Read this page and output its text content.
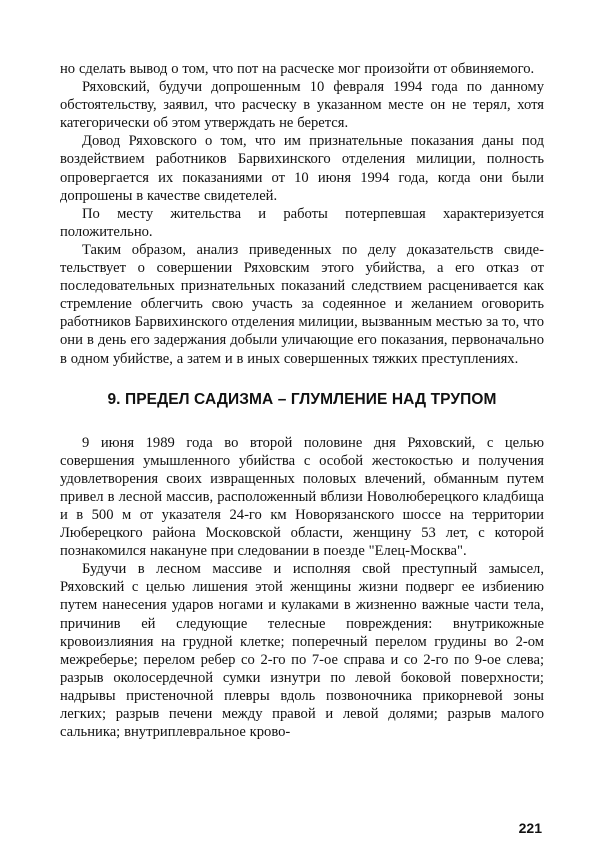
но сделать вывод о том, что пот на расческе мог произойти от обвиняемого.

Ряховский, будучи допрошенным 10 февраля 1994 года по данному обстоятельству, заявил, что расческу в указанном месте он не терял, хотя категорически об этом утверждать не берется.

Довод Ряховского о том, что им признательные показания даны под воздействием работников Барвихинского отделения милиции, полность опровергается их показаниями от 10 июня 1994 года, когда они были допрошены в качестве свидетелей.

По месту жительства и работы потерпевшая характеризуется положительно.

Таким образом, анализ приведенных по делу доказательств свидетельствует о совершении Ряховским этого убийства, а его отказ от последовательных признательных показаний следствием расценивается как стремление облегчить свою участь за содеянное и желанием оговорить работников Барвихинского отделения милиции, вызванным местью за то, что они в день его задержания добыли уличающие его показания, первоначально в одном убийстве, а затем и в иных совершенных тяжких преступлениях.

9. ПРЕДЕЛ САДИЗМА – ГЛУМЛЕНИЕ НАД ТРУПОМ

9 июня 1989 года во второй половине дня Ряховский, с целью совершения умышленного убийства с особой жестокостью и получения удовлетворения своих извращенных половых влечений, обманным путем привел в лесной массив, расположенный вблизи Новолюберецкого кладбища и в 500 м от указателя 24-го км Новорязанского шоссе на территории Люберецкого района Московской области, женщину 53 лет, с которой познакомился накануне при следовании в поезде "Елец-Москва".

Будучи в лесном массиве и исполняя свой преступный замысел, Ряховский с целью лишения этой женщины жизни подверг ее избиению путем нанесения ударов ногами и кулаками в жизненно важные части тела, причинив ей следующие телесные повреждения: внутрикожные кровоизлияния на грудной клетке; поперечный перелом грудины во 2-ом межреберье; перелом ребер со 2-го по 7-ое справа и со 2-го по 9-ое слева; разрыв околосердечной сумки изнутри по левой боковой поверхности; надрывы пристеночной плевры вдоль позвоночника прикорневой зоны легких; разрыв печени между правой и левой долями; разрыв малого сальника; внутриплевральное крово-

221
